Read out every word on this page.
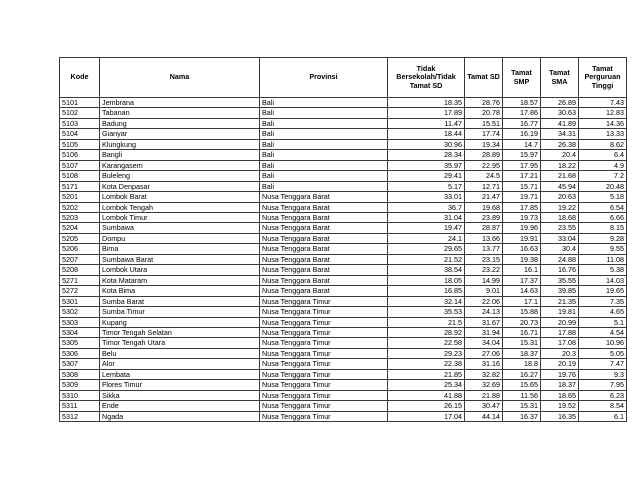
Kode	Nama	Provinsi	Tidak Bersekolah/Tidak Tamat SD	Tamat SD	Tamat SMP	Tamat SMA	Tamat Perguruan Tinggi
5101	Jembrana	Bali	18.35	28.76	18.57	26.89	7.43
5102	Tabanan	Bali	17.89	20.78	17.86	30.63	12.83
5103	Badung	Bali	11.47	15.51	16.77	41.89	14.36
5104	Gianyar	Bali	18.44	17.74	16.19	34.31	13.33
5105	Klungkung	Bali	30.96	19.34	14.7	26.38	8.62
5106	Bangli	Bali	28.34	28.89	15.97	20.4	6.4
5107	Karangasem	Bali	35.97	22.95	17.95	18.22	4.9
5108	Buleleng	Bali	29.41	24.5	17.21	21.68	7.2
5171	Kota Denpasar	Bali	5.17	12.71	15.71	45.94	20.48
5201	Lombok Barat	Nusa Tenggara Barat	33.01	21.47	19.71	20.63	5.18
5202	Lombok Tengah	Nusa Tenggara Barat	36.7	19.68	17.85	19.22	6.54
5203	Lombok Timur	Nusa Tenggara Barat	31.04	23.89	19.73	18.68	6.66
5204	Sumbawa	Nusa Tenggara Barat	19.47	28.87	19.96	23.55	8.15
5205	Dompu	Nusa Tenggara Barat	24.1	13.66	19.91	33.04	9.28
5206	Bima	Nusa Tenggara Barat	29.65	13.77	16.63	30.4	9.55
5207	Sumbawa Barat	Nusa Tenggara Barat	21.52	23.15	19.38	24.88	11.08
5208	Lombok Utara	Nusa Tenggara Barat	38.54	23.22	16.1	16.76	5.38
5271	Kota Mataram	Nusa Tenggara Barat	18.05	14.99	17.37	35.55	14.03
5272	Kota Bima	Nusa Tenggara Barat	16.85	9.01	14.63	39.85	19.65
5301	Sumba Barat	Nusa Tenggara Timur	32.14	22.06	17.1	21.35	7.35
5302	Sumba Timur	Nusa Tenggara Timur	35.53	24.13	15.88	19.81	4.65
5303	Kupang	Nusa Tenggara Timur	21.5	31.67	20.73	20.99	5.1
5304	Timor Tengah Selatan	Nusa Tenggara Timur	28.92	31.94	16.71	17.88	4.54
5305	Timor Tengah Utara	Nusa Tenggara Timur	22.58	34.04	15.31	17.08	10.96
5306	Belu	Nusa Tenggara Timur	29.23	27.06	18.37	20.3	5.05
5307	Alor	Nusa Tenggara Timur	22.38	31.16	18.8	20.19	7.47
5308	Lembata	Nusa Tenggara Timur	21.85	32.82	16.27	19.76	9.3
5309	Flores Timur	Nusa Tenggara Timur	25.34	32.69	15.65	18.37	7.95
5310	Sikka	Nusa Tenggara Timur	41.88	21.88	11.56	18.65	6.23
5311	Ende	Nusa Tenggara Timur	26.15	30.47	15.31	19.52	8.54
5312	Ngada	Nusa Tenggara Timur	17.04	44.14	16.37	16.35	6.1
